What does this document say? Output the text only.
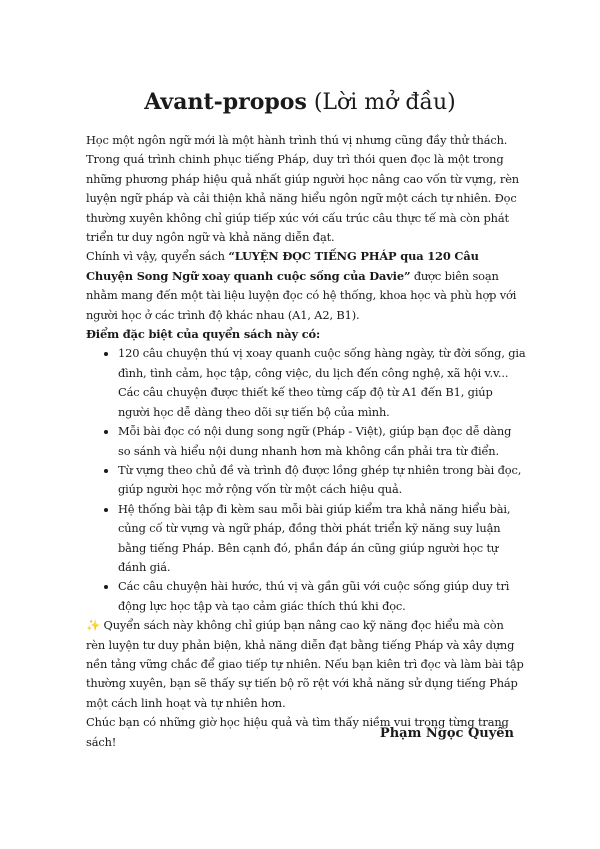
Avant-propos (Lời mở đầu)

Học một ngôn ngữ mới là một hành trình thú vị nhưng cũng đầy thử thách. Trong quá trình chinh phục tiếng Pháp, duy trì thói quen đọc là một trong những phương pháp hiệu quả nhất giúp người học nâng cao vốn từ vựng, rèn luyện ngữ pháp và cải thiện khả năng hiểu ngôn ngữ một cách tự nhiên. Đọc thường xuyên không chỉ giúp tiếp xúc với cấu trúc câu thực tế mà còn phát triển tư duy ngôn ngữ và khả năng diễn đạt.

Chính vì vậy, quyển sách “LUYỆN ĐỌC TIẾNG PHÁP qua 120 Câu Chuyện Song Ngữ xoay quanh cuộc sống của Davie” được biên soạn nhằm mang đến một tài liệu luyện đọc có hệ thống, khoa học và phù hợp với người học ở các trình độ khác nhau (A1, A2, B1).

Điểm đặc biệt của quyển sách này có:

• 120 câu chuyện thú vị xoay quanh cuộc sống hàng ngày, từ đời sống, gia đình, tình cảm, học tập, công việc, du lịch đến công nghệ, xã hội v.v... Các câu chuyện được thiết kế theo từng cấp độ từ A1 đến B1, giúp người học dễ dàng theo dõi sự tiến bộ của mình.
• Mỗi bài đọc có nội dung song ngữ (Pháp - Việt), giúp bạn đọc dễ dàng so sánh và hiểu nội dung nhanh hơn mà không cần phải tra từ điển.
• Từ vựng theo chủ đề và trình độ được lồng ghép tự nhiên trong bài đọc, giúp người học mở rộng vốn từ một cách hiệu quả.
• Hệ thống bài tập đi kèm sau mỗi bài giúp kiểm tra khả năng hiểu bài, củng cố từ vựng và ngữ pháp, đồng thời phát triển kỹ năng suy luận bằng tiếng Pháp. Bên cạnh đó, phần đáp án cũng giúp người học tự đánh giá.
• Các câu chuyện hài hước, thú vị và gần gũi với cuộc sống giúp duy trì động lực học tập và tạo cảm giác thích thú khi đọc.

✨ Quyển sách này không chỉ giúp bạn nâng cao kỹ năng đọc hiểu mà còn rèn luyện tư duy phản biện, khả năng diễn đạt bằng tiếng Pháp và xây dựng nền tảng vững chắc để giao tiếp tự nhiên. Nếu bạn kiên trì đọc và làm bài tập thường xuyên, bạn sẽ thấy sự tiến bộ rõ rệt với khả năng sử dụng tiếng Pháp một cách linh hoạt và tự nhiên hơn.

Chúc bạn có những giờ học hiệu quả và tìm thấy niềm vui trong từng trang sách!

Phạm Ngọc Quyền
